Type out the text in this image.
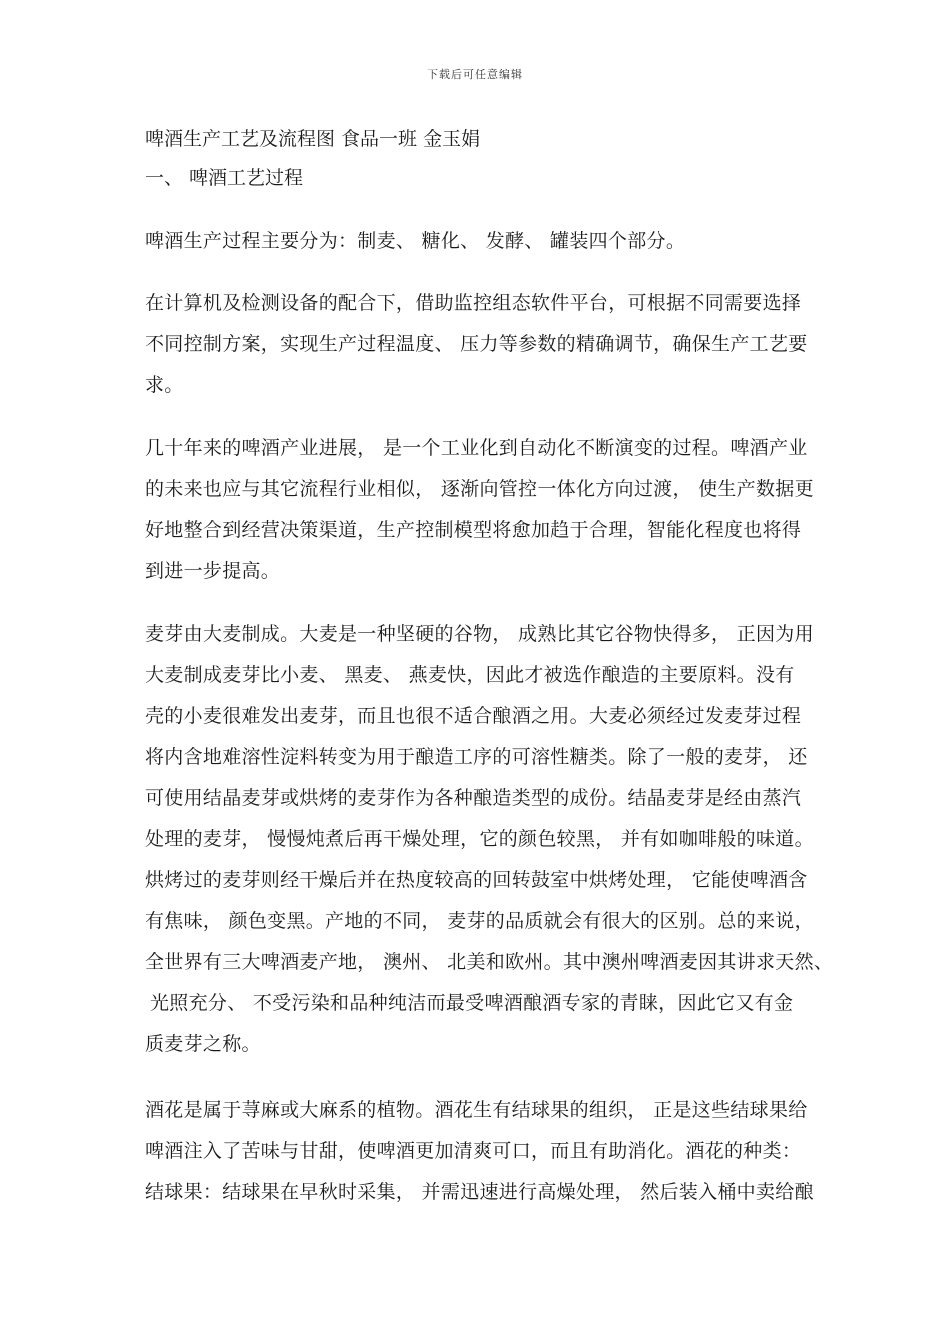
下载后可任意编辑
啤酒生产工艺及流程图 食品一班 金玉娟
一、 啤酒工艺过程
啤酒生产过程主要分为：制麦、 糖化、 发酵、 罐装四个部分。
在计算机及检测设备的配合下，借助监控组态软件平台，可根据不同需要选择
不同控制方案，实现生产过程温度、 压力等参数的精确调节，确保生产工艺要
求。
几十年来的啤酒产业进展， 是一个工业化到自动化不断演变的过程。啤酒产业
的未来也应与其它流程行业相似， 逐渐向管控一体化方向过渡， 使生产数据更
好地整合到经营决策渠道，生产控制模型将愈加趋于合理，智能化程度也将得
到进一步提高。
麦芽由大麦制成。大麦是一种坚硬的谷物， 成熟比其它谷物快得多， 正因为用
大麦制成麦芽比小麦、 黑麦、 燕麦快，因此才被选作酿造的主要原料。没有
壳的小麦很难发出麦芽，而且也很不适合酿酒之用。大麦必须经过发麦芽过程
将内含地难溶性淀料转变为用于酿造工序的可溶性糖类。除了一般的麦芽， 还
可使用结晶麦芽或烘烤的麦芽作为各种酿造类型的成份。结晶麦芽是经由蒸汽
处理的麦芽， 慢慢炖煮后再干燥处理，它的颜色较黑， 并有如咖啡般的味道。
烘烤过的麦芽则经干燥后并在热度较高的回转鼓室中烘烤处理， 它能使啤酒含
有焦味， 颜色变黑。产地的不同， 麦芽的品质就会有很大的区别。总的来说，
全世界有三大啤酒麦产地， 澳州、 北美和欧州。其中澳州啤酒麦因其讲求天然、
光照充分、 不受污染和品种纯洁而最受啤酒酿酒专家的青睐，因此它又有金
质麦芽之称。
酒花是属于荨麻或大麻系的植物。酒花生有结球果的组织， 正是这些结球果给
啤酒注入了苦味与甘甜，使啤酒更加清爽可口，而且有助消化。酒花的种类：
结球果：结球果在早秋时采集， 并需迅速进行高燥处理， 然后装入桶中卖给酿
